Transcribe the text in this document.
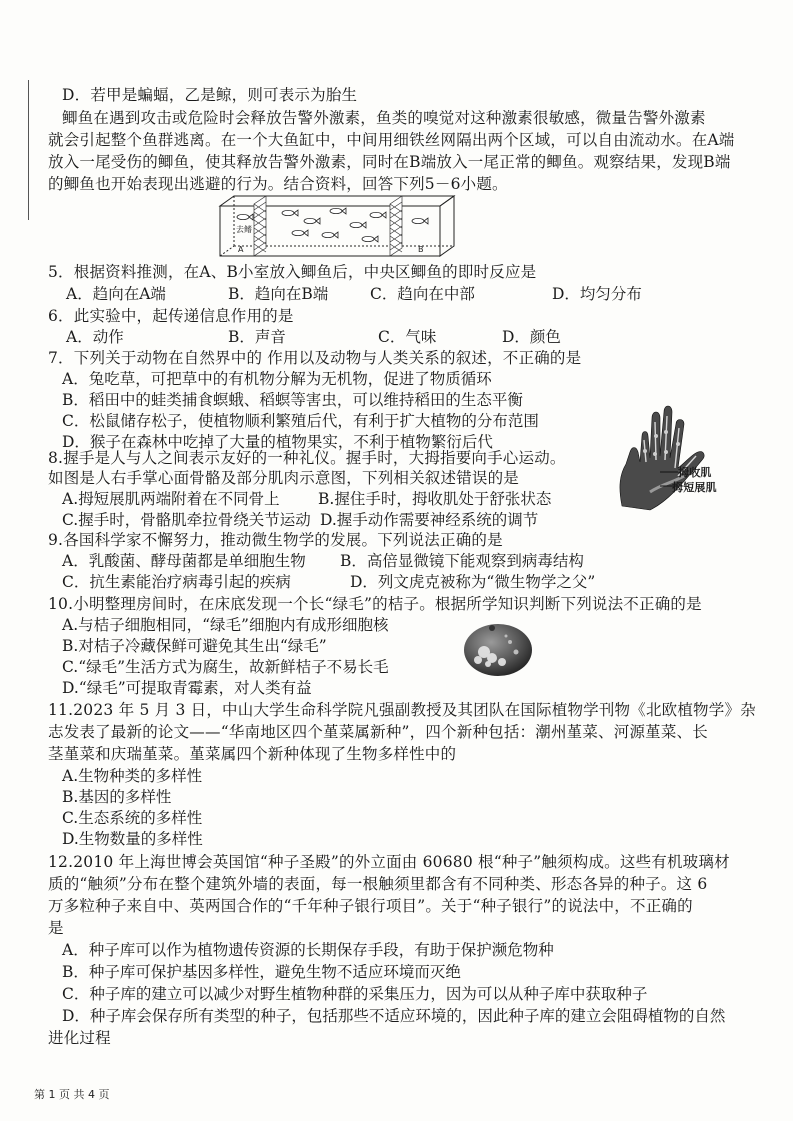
D．若甲是蝙蝠，乙是鲸，则可表示为胎生
鲫鱼在遇到攻击或危险时会释放告警外激素，鱼类的嗅觉对这种激素很敏感，微量告警外激素
就会引起整个鱼群逃离。在一个大鱼缸中，中间用细铁丝网隔出两个区域，可以自由流动水。在A端
放入一尾受伤的鲫鱼，使其释放告警外激素，同时在B端放入一尾正常的鲫鱼。观察结果，发现B端
的鲫鱼也开始表现出逃避的行为。结合资料，回答下列5－6小题。
去鳍
A	B
5．根据资料推测，在A、B小室放入鲫鱼后，中央区鲫鱼的即时反应是
A．趋向在A端	B．趋向在B端	C．趋向在中部	D．均匀分布
6．此实验中，起传递信息作用的是
A．动作	B．声音	C．气味	D．颜色
7．下列关于动物在自然界中的 作用以及动物与人类关系的叙述，不正确的是
A．兔吃草，可把草中的有机物分解为无机物，促进了物质循环
B．稻田中的蛙类捕食螟蛾、稻螟等害虫，可以维持稻田的生态平衡
C．松鼠储存松子，使植物顺利繁殖后代，有利于扩大植物的分布范围
D．猴子在森林中吃掉了大量的植物果实，不利于植物繁衍后代
拇收肌
拇短展肌
8.握手是人与人之间表示友好的一种礼仪。握手时，大拇指要向手心运动。
如图是人右手掌心面骨骼及部分肌肉示意图，下列相关叙述错误的是
A.拇短展肌两端附着在不同骨上 B.握住手时，拇收肌处于舒张状态
C.握手时，骨骼肌牵拉骨绕关节运动 D.握手动作需要神经系统的调节
9.各国科学家不懈努力，推动微生物学的发展。下列说法正确的是
A．乳酸菌、酵母菌都是单细胞生物 B．高倍显微镜下能观察到病毒结构
C．抗生素能治疗病毒引起的疾病	D．列文虎克被称为“微生物学之父”
10.小明整理房间时，在床底发现一个长“绿毛”的桔子。根据所学知识判断下列说法不正确的是
A.与桔子细胞相同，“绿毛”细胞内有成形细胞核
B.对桔子冷藏保鲜可避免其生出“绿毛”
C.“绿毛”生活方式为腐生，故新鲜桔子不易长毛
D.“绿毛”可提取青霉素，对人类有益
11.2023 年 5 月 3 日，中山大学生命科学院凡强副教授及其团队在国际植物学刊物《北欧植物学》杂
志发表了最新的论文——“华南地区四个堇菜属新种”，四个新种包括：潮州堇菜、河源堇菜、长
茎堇菜和庆瑞堇菜。堇菜属四个新种体现了生物多样性中的
A.生物种类的多样性
B.基因的多样性
C.生态系统的多样性
D.生物数量的多样性
12.2010 年上海世博会英国馆“种子圣殿”的外立面由 60680 根“种子”触须构成。这些有机玻璃材
质的“触须”分布在整个建筑外墙的表面，每一根触须里都含有不同种类、形态各异的种子。这 6
万多粒种子来自中、英两国合作的“千年种子银行项目”。关于“种子银行”的说法中，不正确的
是
A．种子库可以作为植物遗传资源的长期保存手段，有助于保护濒危物种
B．种子库可保护基因多样性，避免生物不适应环境而灭绝
C．种子库的建立可以减少对野生植物种群的采集压力，因为可以从种子库中获取种子
D．种子库会保存所有类型的种子，包括那些不适应环境的，因此种子库的建立会阻碍植物的自然
进化过程
第 1 页 共 4 页
